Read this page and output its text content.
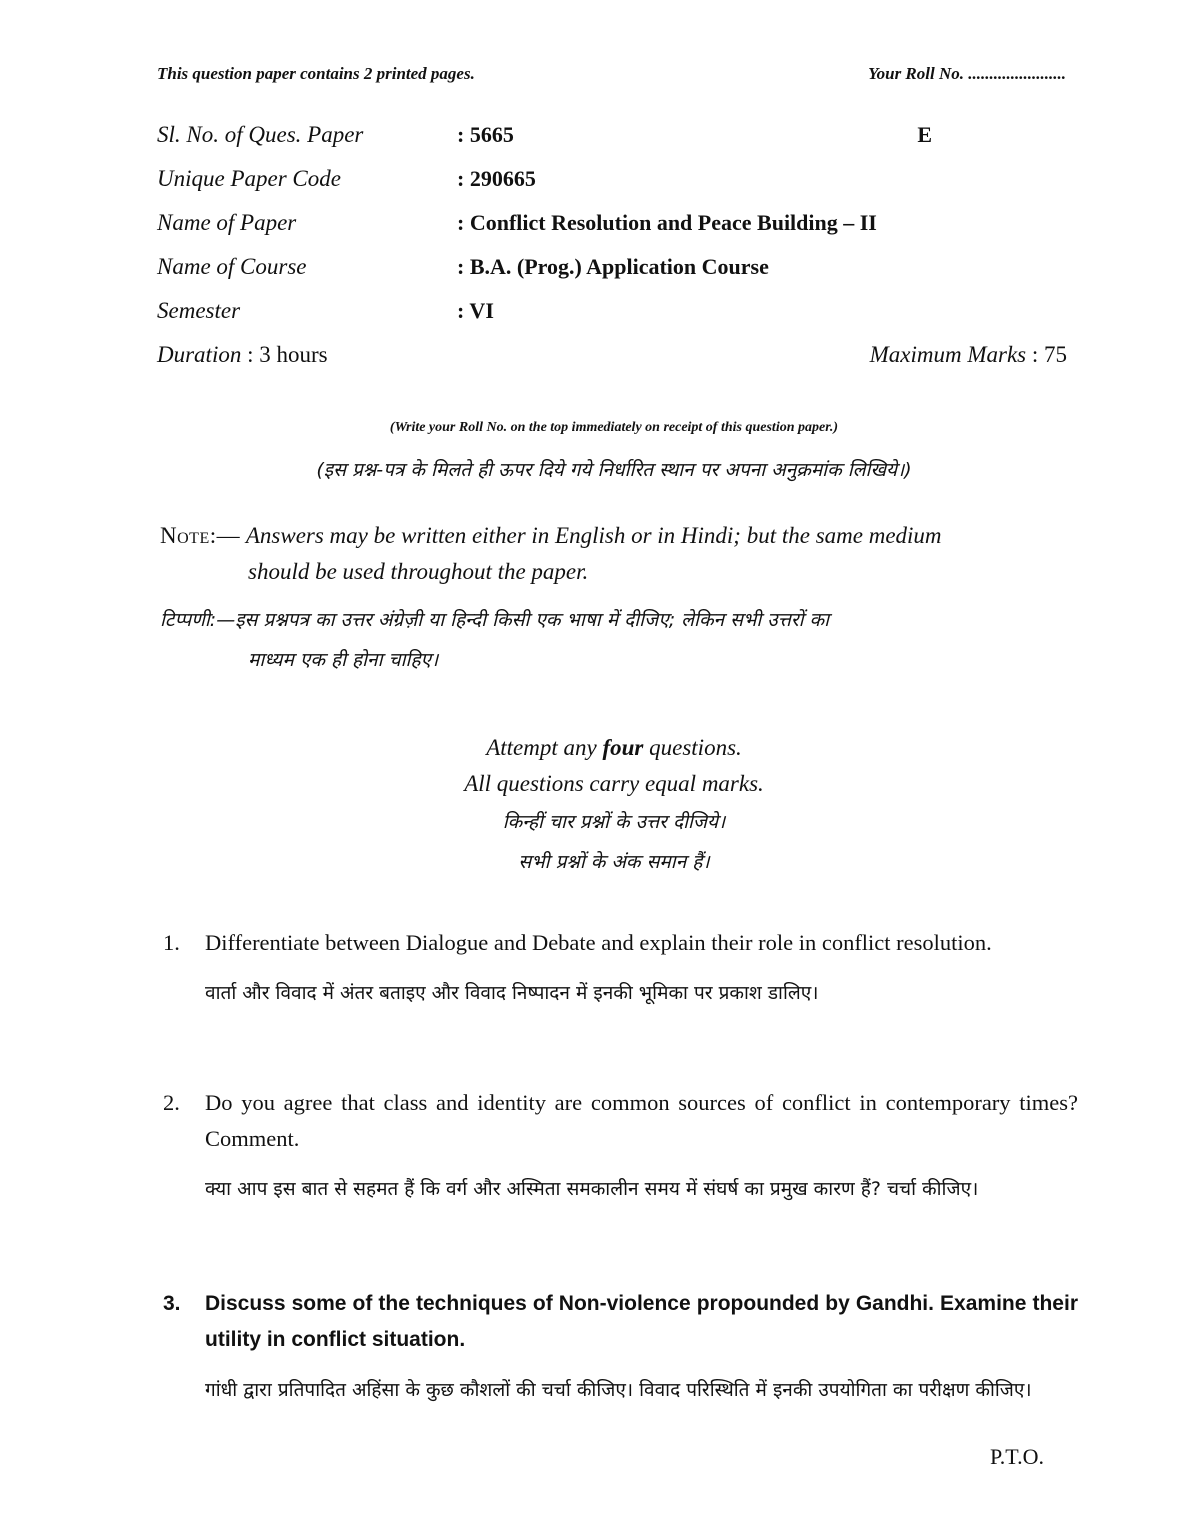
This question paper contains 2 printed pages.	Your Roll No. .......................
Sl. No. of Ques. Paper	: 5665	E
Unique Paper Code	: 290665
Name of Paper	: Conflict Resolution and Peace Building – II
Name of Course	: B.A. (Prog.) Application Course
Semester	: VI
Duration : 3 hours	Maximum Marks : 75
(Write your Roll No. on the top immediately on receipt of this question paper.)
(इस प्रश्न-पत्र के मिलते ही ऊपर दिये गये निर्धारित स्थान पर अपना अनुक्रमांक लिखिये।)
Note:— Answers may be written either in English or in Hindi; but the same medium
should be used throughout the paper.
टिप्पणी:—इस प्रश्नपत्र का उत्तर अंग्रेज़ी या हिन्दी किसी एक भाषा में दीजिए; लेकिन सभी उत्तरों का
माध्यम एक ही होना चाहिए।
Attempt any four questions.
All questions carry equal marks.
किन्हीं चार प्रश्नों के उत्तर दीजिये।
सभी प्रश्नों के अंक समान हैं।
1.	Differentiate between Dialogue and Debate and explain their role in conflict resolution.
वार्ता और विवाद में अंतर बताइए और विवाद निष्पादन में इनकी भूमिका पर प्रकाश डालिए।
2.	Do you agree that class and identity are common sources of conflict in contemporary times? Comment.
क्या आप इस बात से सहमत हैं कि वर्ग और अस्मिता समकालीन समय में संघर्ष का प्रमुख कारण हैं? चर्चा कीजिए।
3.	Discuss some of the techniques of Non-violence propounded by Gandhi. Examine their utility in conflict situation.
गांधी द्वारा प्रतिपादित अहिंसा के कुछ कौशलों की चर्चा कीजिए। विवाद परिस्थिति में इनकी उपयोगिता का परीक्षण कीजिए।
P.T.O.
